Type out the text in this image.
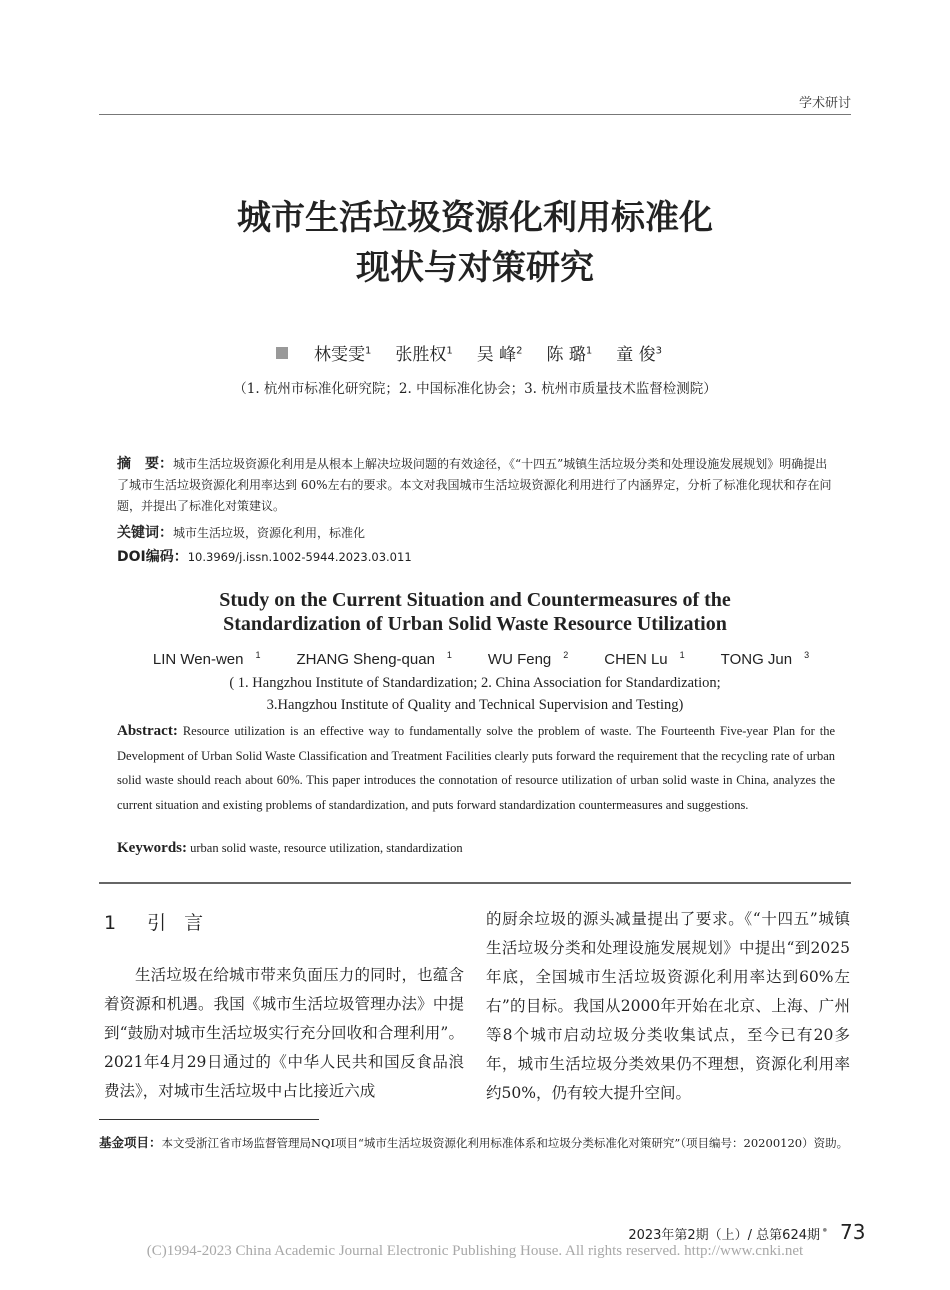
学术研讨
城市生活垃圾资源化利用标准化
现状与对策研究
林雯雯$^1$ 张胜权$^1$ 吴 峰$^2$ 陈 璐$^1$ 童 俊$^3$
（1. 杭州市标准化研究院；2. 中国标准化协会；3. 杭州市质量技术监督检测院）
摘　要：城市生活垃圾资源化利用是从根本上解决垃圾问题的有效途径，《“十四五”城镇生活垃圾分类和处理设施发展规划》明确提出了城市生活垃圾资源化利用率达到 60%左右的要求。本文对我国城市生活垃圾资源化利用进行了内涵界定，分析了标准化现状和存在问题，并提出了标准化对策建议。
关键词：城市生活垃圾，资源化利用，标准化
DOI编码：10.3969/j.issn.1002-5944.2023.03.011
Study on the Current Situation and Countermeasures of the
Standardization of Urban Solid Waste Resource Utilization
LIN Wen-wen $^1$ ZHANG Sheng-quan $^1$ WU Feng $^2$ CHEN Lu $^1$ TONG Jun $^3$
( 1. Hangzhou Institute of Standardization; 2. China Association for Standardization;
3.Hangzhou Institute of Quality and Technical Supervision and Testing)
Abstract: Resource utilization is an effective way to fundamentally solve the problem of waste. The Fourteenth Five-year Plan for the Development of Urban Solid Waste Classification and Treatment Facilities clearly puts forward the requirement that the recycling rate of urban solid waste should reach about 60%. This paper introduces the connotation of resource utilization of urban solid waste in China, analyzes the current situation and existing problems of standardization, and puts forward standardization countermeasures and suggestions.
Keywords: urban solid waste, resource utilization, standardization
1　引 言
生活垃圾在给城市带来负面压力的同时，也蕴含着资源和机遇。我国《城市生活垃圾管理办法》中提到“鼓励对城市生活垃圾实行充分回收和合理利用”。2021年4月29日通过的《中华人民共和国反食品浪费法》，对城市生活垃圾中占比接近六成
的厨余垃圾的源头减量提出了要求。《“十四五”城镇生活垃圾分类和处理设施发展规划》中提出“到2025年底，全国城市生活垃圾资源化利用率达到60%左右”的目标。我国从2000年开始在北京、上海、广州等8个城市启动垃圾分类收集试点，至今已有20多年，城市生活垃圾分类效果仍不理想，资源化利用率约50%，仍有较大提升空间。
基金项目：本文受浙江省市场监督管理局NQI项目“城市生活垃圾资源化利用标准体系和垃圾分类标准化对策研究”（项目编号：20200120）资助。
2023年第2期（上）/ 总第624期 • 73
(C)1994-2023 China Academic Journal Electronic Publishing House. All rights reserved. http://www.cnki.net
